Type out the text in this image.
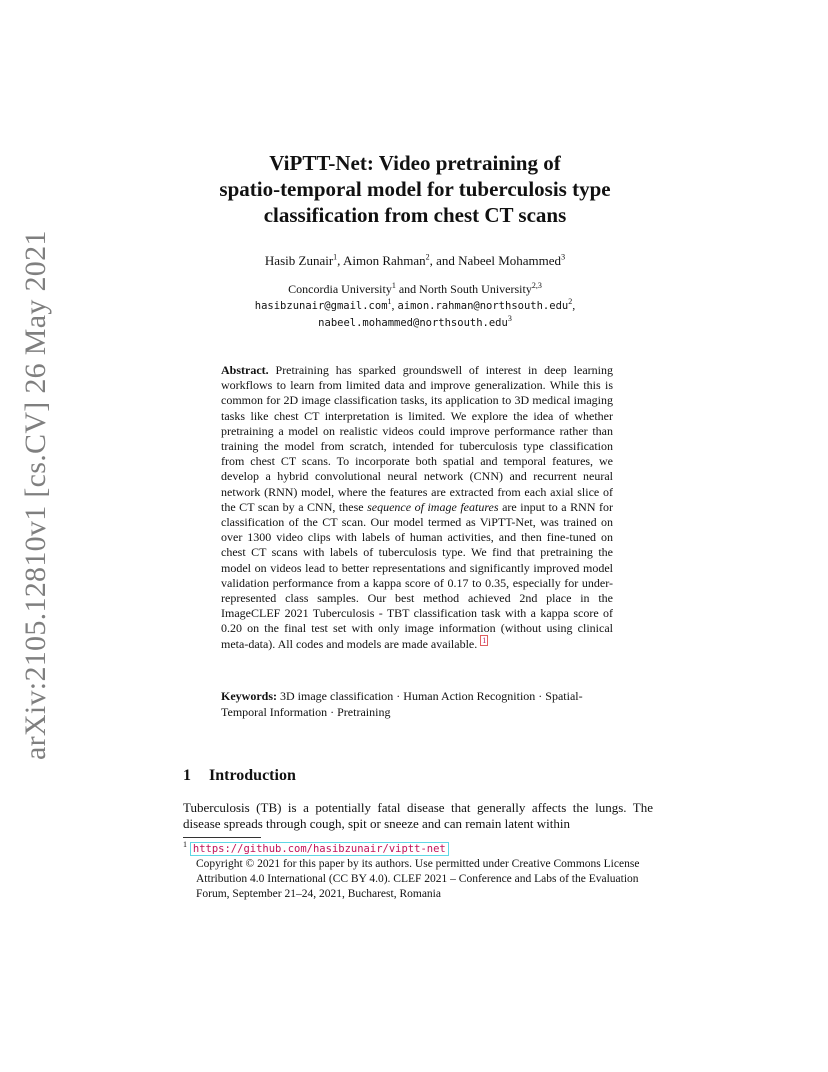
arXiv:2105.12810v1 [cs.CV] 26 May 2021
ViPTT-Net: Video pretraining of
spatio-temporal model for tuberculosis type
classification from chest CT scans
Hasib Zunair$^1$, Aimon Rahman$^2$, and Nabeel Mohammed$^3$
Concordia University$^1$ and North South University$^{2,3}$
hasibzunair@gmail.com$^1$, aimon.rahman@northsouth.edu$^2$,
nabeel.mohammed@northsouth.edu$^3$
Abstract. Pretraining has sparked groundswell of interest in deep learning workflows to learn from limited data and improve generalization. While this is common for 2D image classification tasks, its application to 3D medical imaging tasks like chest CT interpretation is limited. We explore the idea of whether pretraining a model on realistic videos could improve performance rather than training the model from scratch, intended for tuberculosis type classification from chest CT scans. To incorporate both spatial and temporal features, we develop a hybrid convolutional neural network (CNN) and recurrent neural network (RNN) model, where the features are extracted from each axial slice of the CT scan by a CNN, these sequence of image features are input to a RNN for classification of the CT scan. Our model termed as ViPTT-Net, was trained on over 1300 video clips with labels of human activities, and then fine-tuned on chest CT scans with labels of tuberculosis type. We find that pretraining the model on videos lead to better representations and significantly improved model validation performance from a kappa score of 0.17 to 0.35, especially for under-represented class samples. Our best method achieved 2nd place in the ImageCLEF 2021 Tuberculosis - TBT classification task with a kappa score of 0.20 on the final test set with only image information (without using clinical meta-data). All codes and models are made available. $^1$
Keywords: 3D image classification · Human Action Recognition · Spatial-Temporal Information · Pretraining
1 Introduction
Tuberculosis (TB) is a potentially fatal disease that generally affects the lungs. The disease spreads through cough, spit or sneeze and can remain latent within
$^1$ https://github.com/hasibzunair/viptt-net
Copyright © 2021 for this paper by its authors. Use permitted under Creative Commons License Attribution 4.0 International (CC BY 4.0). CLEF 2021 – Conference and Labs of the Evaluation Forum, September 21–24, 2021, Bucharest, Romania
